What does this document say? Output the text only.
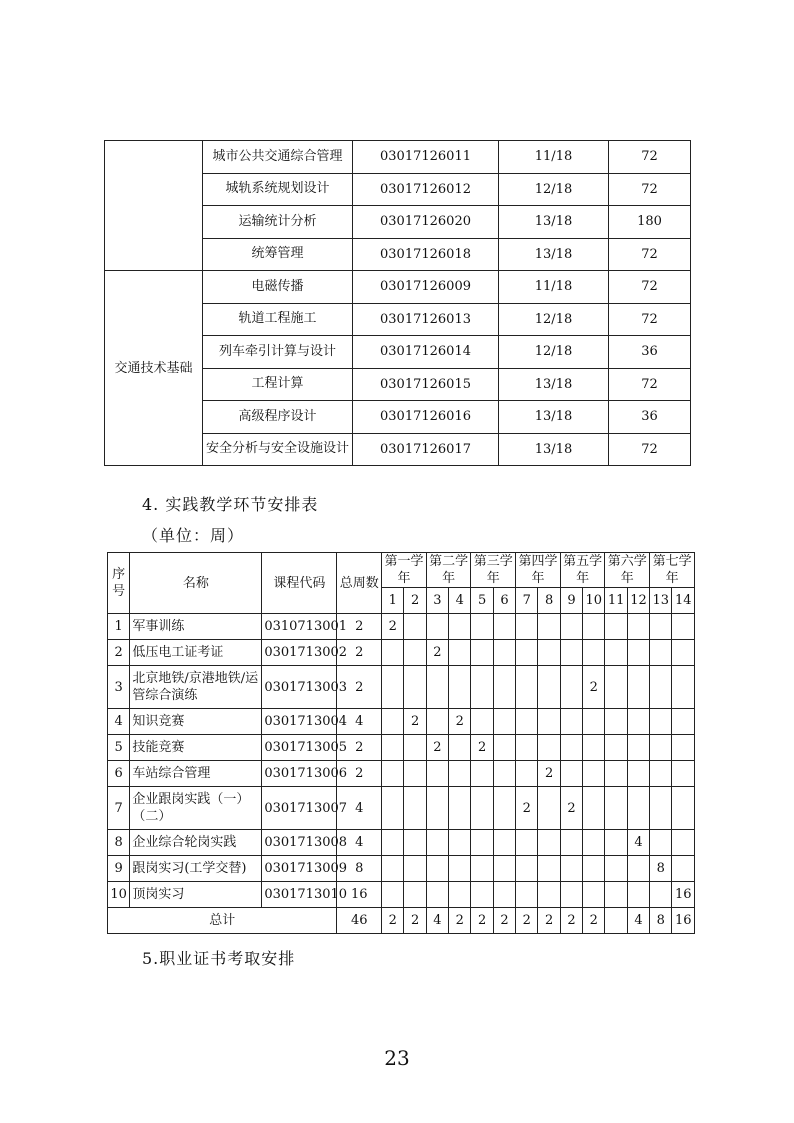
	城市公共交通综合管理	03017126011	11/18	72
	城轨系统规划设计	03017126012	12/18	72
	运输统计分析	03017126020	13/18	180
	统筹管理	03017126018	13/18	72
交通技术基础	电磁传播	03017126009	11/18	72
	轨道工程施工	03017126013	12/18	72
	列车牵引计算与设计	03017126014	12/18	36
	工程计算	03017126015	13/18	72
	高级程序设计	03017126016	13/18	36
	安全分析与安全设施设计	03017126017	13/18	72
4. 实践教学环节安排表
（单位：周）
序号	名称	课程代码	总周数	第一学年		第二学年		第三学年		第四学年		第五学年		第六学年		第七学年	
				1	2	3	4	5	6	7	8	9	10	11	12	13	14
1	军事训练	0310713001	2	2													
2	低压电工证考证	0301713002	2			2											
3	北京地铁/京港地铁/运管综合演练	0301713003	2										2				
4	知识竞赛	0301713004	4		2		2										
5	技能竞赛	0301713005	2			2		2									
6	车站综合管理	0301713006	2								2						
7	企业跟岗实践（一）（二）	0301713007	4							2		2					
8	企业综合轮岗实践	0301713008	4												4		
9	跟岗实习(工学交替)	0301713009	8													8	
10	顶岗实习	0301713010	16														16
总计			46	2	2	4	2	2	2	2	2	2	2		4	8	16
5.职业证书考取安排
23
